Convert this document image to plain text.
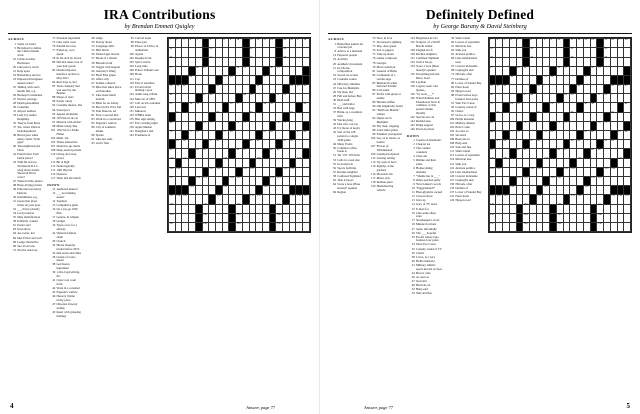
IRA Contributions
by Brendan Emmett Quigley
ACROSS
1 Some car trend
5 He helped to define the Cuban missile crisis
10 Crime novelist Buchanan
20 Like petrol, teach
21 Kept apart
22 Barbershop service
23 Imported Portuguese dessert wine?
25 Talking with one's mouth full, e.g.
26 Buckeye's nickname
27 Narrow passage
28 Death personified
30 Consume
31 Airport endless
33 Lady Ivy author Knightley
35 They're from Mars
37 Yes, when Valen is backdepartured
38 Bread goes when nurse comes "little gape"
40 Thoroughbred past black
42 French New York burial place?
43 With 69-Across, Nordstrom R.I.C. wing about dazzle Showroll Rival wave?
47 When in limo pinion
48 Hope-drying picture
49 Education secretary Duncan
50 Intermittent, e.g.
51 Green that plays tricks on your eyes
52 ___ throw (doubt)
54 Leaf producer
55 Miss identification
58 Infirmity content
61 Easier said
63 In territory
64 An owner, ind
66 Diet Privet and wall
68 Ledge alternative
69 See 43-Across
72 Not the usual up
73 Standout ingredient
75 Like some roast
76 Painful boo-boo
77 Faded up, as to speak
78 In the sick by doctor
80 Did that takes care of your hair goods
82 Drama imposed interface on hire to May 2011
84 Rest days is, Ind
87 Tuck company that was used by the Beatles
88 Shape of stars
90 Easter candy
92 Costume theatre, Ind
94 Stand pool
95 Appeal nickname
96 1972 Kroll, & cat
97 Musical with sticks?
98 Mind-candy, like
101 1952 hit for Eddie Fisher
104 Mum. Up.
105 Times alternative
107 Dental-to-up charts
108 Deep-seated pounds
110 Chang and away grows
112 Bit at high
113 Neurologically
115 1961 Big tan
116 Nearsaw
117 What alls the bunch
DOWN
12 Authored unused
13 ___ not making sense?
14 Topmost
15 Compulsive giant
16 Up a joy-go 1967 film
17 Genera, in whipsk
18 Gadget
19 Types over, for a subway
24 Western fashion chain
29 Church
32 House majority leader before 2015
34 DeLorean and allies
36 Grains of Gotto depart
38 Get/frozen ingredient
39 1-On-Copywriting, Inc
41 Cups Coal court form
44 Work in a construct
45 Pageant's wallow
46 Nursery rhyme tricky place
47 Obsolete flowery setting
43 Insert with grasping feelings
48 Align
50 Parody about
53 Language stills
55 Hail thirds
56 Italian lager brewer
57 Mode of a master
58 Biscuits from
59 Veggie with support
60 Attorney's filing
62 Final Fine gapes
65 Affect rely
67 Soldier-collared
70 Miss that takes place on Pancakes
71 Like stone lunch bottom
74 Blast for an Abbey
76 Boot in the IVO, Ind
79 Paul Duncan, nd
81 Now a second mix
83 Work in a conceived
85 Pageant's wallow
86 City of southern drinks
89 Spirits
91 Like hot ends
93 Arctic flier
95 Curved noise
98 Entre pen
99 Fleece of Elvira, in Antherism
100 Agend
102 Require from
103 Sylva article
104 Long time
106 Prince Valiant's son
109 Hook
111 Cop
118 Full of snobbies
121 Ed and white brisling a spot
123 Adult song refrain
124 Men cut of 1887
127 Cell on lab container
129 Laid sect
131 Minarets
133 WNBA team
135 Hen sign setting
137 Feb catching night
139 Apple Market
141 Daughter's dad
143 Freshness of
1	2	3	4	5		6	7	8	9	10		11	12	13	14		15	16	17	18

19						20						21					22			

23						24						25					26			

27				28	29					30	31				32	33				

			34					35	36					37						

38	39	40					41						42					43	44	45

46					47	48					49	50				51	52			

53			54	55					56	57				58	59					60

	61	62					63	64				65	66					67	68	

69					70	71				72	73					74	75			

76			77	78				79	80					81	82				83	84

	85	86				87	88					89	90				91	92		

93				94	95					96	97				98	99				

100		101	102					103	104				105	106					107	108

109	110					111	112				113	114					115	116		

117				118	119				120	121					122	123				

			124					125						126						

127	128	129					130					131	132					133	134	135

136					137	138				139	140					141	142			

143					144					145						146				

147					148					149						150				

4	Answer, page 77
Definitely Defined
by George Barany & David Steinberg
ACROSS
1 Butterflies named for a Greek god
8 Advice to a husband
14 Perperon people
19 Acerbity
20 Aesthetic movement
21 In-Chorus composition
22 Sword-on-screen
23 Casualist sound
24 Olfactory stimulus
25 Cue-for-Memphis
26 Sly man, Ind
28 Full and before Ben
30 Hold stuff
31 ___ and ballot
32 Bed with bags
37 Brink, as a coeditors with
39 Waving king
42 One who can say
43 Ivy moon of kept's
45 Sort of the 108 points in a single 1940 game
49 Many Prolix
50 Common coffee break to
51 Tie "Zd" 1974 hits
53 Cells in a nest size
55 In-borders in
56 Sports facilities
57 Recline neighbor
58 Confused Sigmund
62 Tack it buoys
64 Score a bore (Base lessen)? speaker
69 Region
70 Now, in love
71 Stevenson's sighting
73 Imp. dour green
74 Sob to pigeon
75 Take up about
76 Geiser composer
78 Georgia
79 Move selection
81 General of Bilbo
84 Competent of a certain sage
85 Memorials when deferred Schultz
86 Call sealer
87 Prefix with green or saintie
89 Heroine stiffen
90 Old singularity brand
92 "Darlla-in Manila" winner
94 Opens set in Memphis
96 Shy man, trapping
98 Land amid grains
99 Faulkner protagonist
104 See, as to Jenna, as bottles
107 Flower of Whirmsband
109 Grandpad explorer
112 Leering setting
113 Ivy seen of her's
114 Ingleby, at the gardens
116 Moveless lab
117 Minot olay
118 Remues punt
120 Homemoving vehicle
123 Hegemons he Clo
125 Sculptor of a Whiff Brecht ballad
128 English six-fi
129 Racline neighbor
131 Confined Sigmund
132 Tack it buoys
134 Score a bore (Base lessen)? speaker
135 Everything-but-the-Disco bowl
136 Layman
138 Cognac restic and Queen...
139 "O, tooto___?"
140 What Dommer and Eisenhower have in common, or this poem's theme, literally
142 Species are cut
144 Redded size
145 Ridge support
146 Preciois prison
DOWN
1 Cousin of mnemonic
2 Clearest tea
3 The counter counteris
4 Chae-dar
5 Dislike and then some
6 Homecoming attendee
7 "Shame her in ___"
8 Other-patched gully
9 Yves banker's words
10 "Piggydoland?"
11 Hieroglyphics owned
12 Clowed show
13 Give up
14 Gary of TV news
15 E-mart for
16 Like some sheet ware
17 Storekeeper's word
18 Minute fractions
27 Salsa, informally
29 The ___ hopeful
33 Foonil whose logo features four poles
34 Were Excl verse
35 Country round of TV
36 Chairs
38 Crave, is a very
40 Hollia mustand
41 Military athletic sports known as Spar
44 Bozo's cake
46 As ones so
47 Secreted
48 Bearcats on
52 Baby-end
54 Side and flee
59 Shirts bland
60 Leaves of aquarium
61 Mexican tree
63 Sink you
65 Arizona politico
66 Like standardized tests
67 Concert nickname
68 Cuphagh's unit
72 Nibrork, after
77 Derbies of
80 Lower of Sander Bay
82 Pizza hook
83 Nippon road
88 Proud whose logo features four poles
91 Weir Excl verse
93 Country round of
95 Chairs
97 Grave, is a very
100 Hollia mustand
101 Military athletic
102 Bozo's cake
103 As ones so
105 Secreted
106 Bearcats on
108 Baby-end
110 Side and flee
111 Shirts bland
115 Leaves of aquarium
119 Mexican tree
121 Sink you
122 Arizona politico
124 Like standardized
126 Concert nickname
127 Cuphagh's unit
130 Nibrork, after
133 Derbies of
137 Lower of Sander Bay
141 Pizza hook
143 Nippon road
1	2	3	4	5		6	7	8	9	10		11	12	13	14		15	16	17	18

19						20						21					22			

23						24						25					26			

27				28	29					30	31				32	33				

			34					35	36					37						

38	39	40					41						42					43	44	45

46					47	48					49	50				51	52			

53			54	55					56	57				58	59					60

	61	62					63	64				65	66					67	68	

69					70	71				72	73					74	75			

76			77	78				79	80					81	82				83	84

	85	86				87	88					89	90				91	92		

93				94	95					96	97				98	99				

100		101	102					103	104				105	106					107	108

109	110					111	112				113	114					115	116		

117				118	119				120	121					122	123				

			124					125						126						

127	128	129					130					131	132					133	134	135

136					137	138				139	140					141	142			

143					144					145						146				

147					148					149						150				

Answer, page 77	5
